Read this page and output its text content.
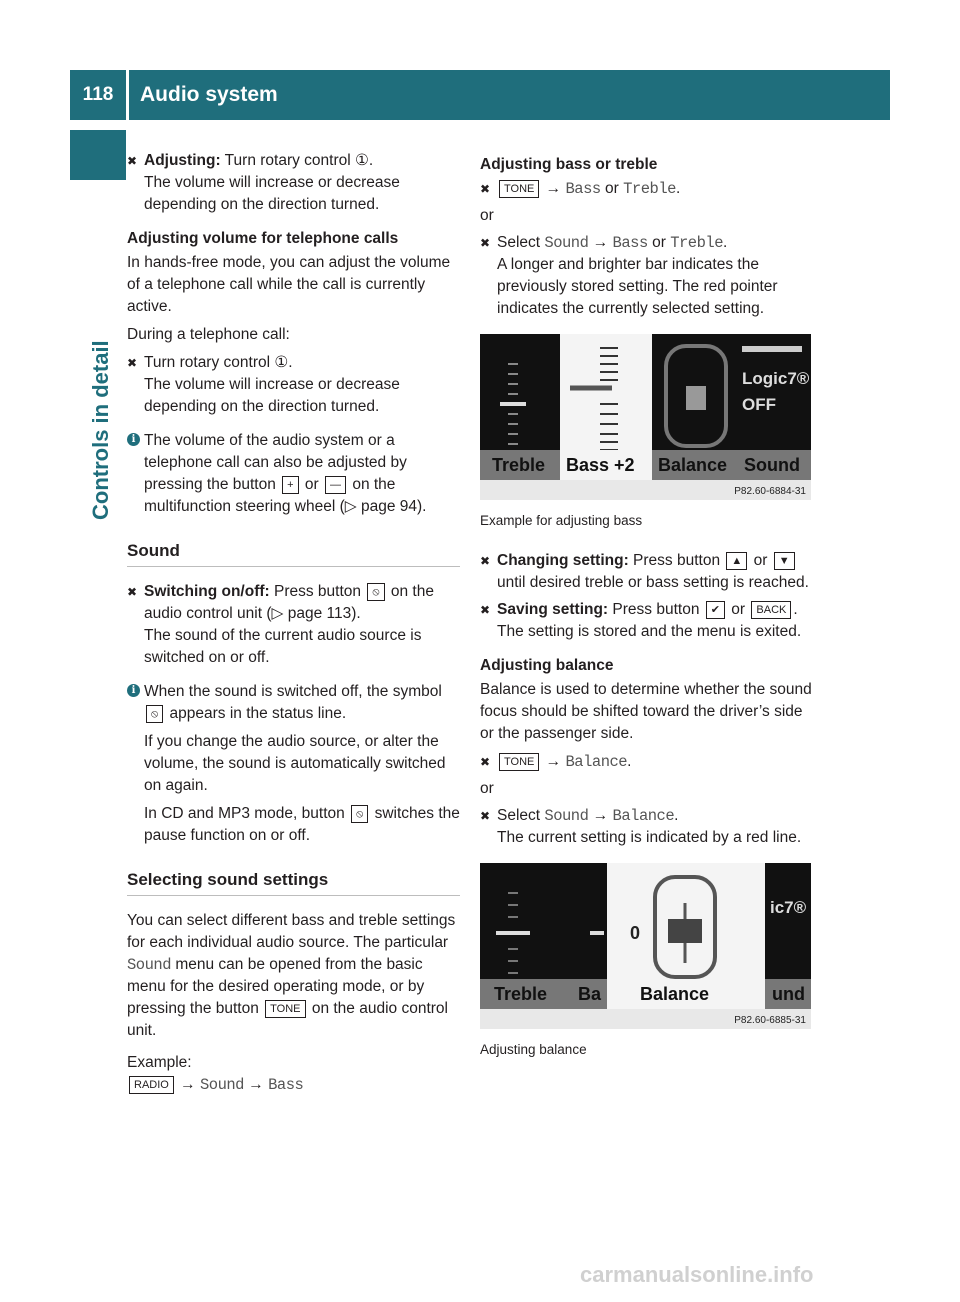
118	Audio system
Controls in detail
✖ Adjusting: Turn rotary control ①.
The volume will increase or decrease depending on the direction turned.
Adjusting volume for telephone calls

In hands-free mode, you can adjust the volume of a telephone call while the call is currently active.

During a telephone call:

✖ Turn rotary control ①.
The volume will increase or decrease depending on the direction turned.
i The volume of the audio system or a telephone call can also be adjusted by pressing the button + or — on the multifunction steering wheel (▷ page 94).
Sound
✖ Switching on/off: Press button ⦸ on the audio control unit (▷ page 113).
The sound of the current audio source is switched on or off.
i When the sound is switched off, the symbol ⦸ appears in the status line.

If you change the audio source, or alter the volume, the sound is automatically switched on again.

In CD and MP3 mode, button ⦸ switches the pause function on or off.

Selecting sound settings

You can select different bass and treble settings for each individual audio source. The particular Sound menu can be opened from the basic menu for the desired operating mode, or by pressing the button TONE on the audio control unit.

Example:

RADIO → Sound → Bass

Adjusting bass or treble
✖ TONE → Bass or Treble.

or

✖ Select Sound → Bass or Treble.
A longer and brighter bar indicates the previously stored setting. The red pointer indicates the currently selected setting.
Logic7®
OFF
Treble Bass +2 Balance Sound
P82.60-6884-31
Example for adjusting bass
✖ Changing setting: Press button ▲ or ▼ until desired treble or bass setting is reached.
✖ Saving setting: Press button ✔ or BACK .
The setting is stored and the menu is exited.
Adjusting balance

Balance is used to determine whether the sound focus should be shifted toward the driver’s side or the passenger side.

✖ TONE → Balance.

or

✖ Select Sound → Balance.
The current setting is indicated by a red line.
0
ic7®
Treble Ba Balance	und
P82.60-6885-31
Adjusting balance
carmanualsonline.info
